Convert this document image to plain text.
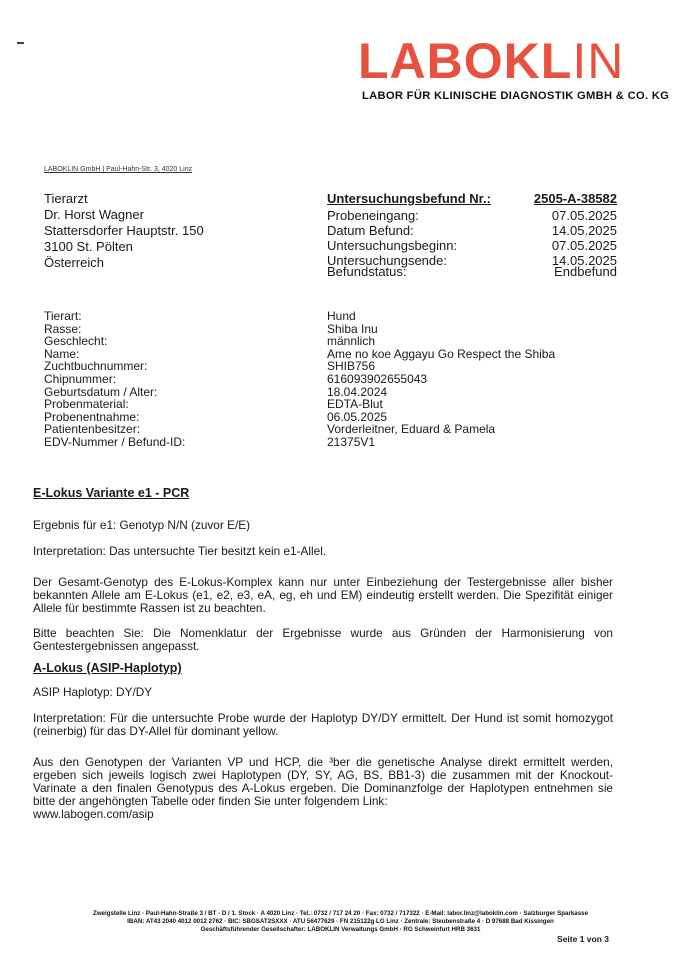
LABOKLIN
LABOR FÜR KLINISCHE DIAGNOSTIK GMBH & CO. KG
LABOKLIN GmbH | Paul-Hahn-Str. 3, 4020 Linz
Tierarzt
Dr. Horst Wagner
Stattersdorfer Hauptstr. 150
3100 St. Pölten
Österreich
Untersuchungsbefund Nr.:	2505-A-38582
Probeneingang:	07.05.2025
Datum Befund:	14.05.2025
Untersuchungsbeginn:	07.05.2025
Untersuchungsende:	14.05.2025
Befundstatus:	Endbefund
Tierart:	Hund
Rasse:	Shiba Inu
Geschlecht:	männlich
Name:	Ame no koe Aggayu Go Respect the Shiba
Zuchtbuchnummer:	SHIB756
Chipnummer:	616093902655043
Geburtsdatum / Alter:	18.04.2024
Probenmaterial:	EDTA-Blut
Probenentnahme:	06.05.2025
Patientenbesitzer:	Vorderleitner, Eduard & Pamela
EDV-Nummer / Befund-ID:	21375V1
E-Lokus Variante e1 - PCR
Ergebnis für e1: Genotyp N/N (zuvor E/E)
Interpretation: Das untersuchte Tier besitzt kein e1-Allel.
Der Gesamt-Genotyp des E-Lokus-Komplex kann nur unter Einbeziehung der Testergebnisse aller bisher bekannten Allele am E-Lokus (e1, e2, e3, eA, eg, eh und EM) eindeutig erstellt werden. Die Spezifität einiger Allele für bestimmte Rassen ist zu beachten.
Bitte beachten Sie: Die Nomenklatur der Ergebnisse wurde aus Gründen der Harmonisierung von Gentestergebnissen angepasst.
A-Lokus (ASIP-Haplotyp)
ASIP Haplotyp: DY/DY
Interpretation: Für die untersuchte Probe wurde der Haplotyp DY/DY ermittelt. Der Hund ist somit homozygot (reinerbig) für das DY-Allel für dominant yellow.
Aus den Genotypen der Varianten VP und HCP, die ³ber die genetische Analyse direkt ermittelt werden, ergeben sich jeweils logisch zwei Haplotypen (DY, SY, AG, BS, BB1-3) die zusammen mit der Knockout- Varinate a den finalen Genotypus des A-Lokus ergeben. Die Dominanzfolge der Haplotypen entnehmen sie bitte der angehöngten Tabelle oder finden Sie unter folgendem Link:
www.labogen.com/asip
Zweigstelle Linz · Paul-Hahn-Straße 3 / BT - D / 1. Stock · A 4020 Linz · Tel.: 0732 / 717 24 20 · Fax: 0732 / 717322 · E-Mail: labor.linz@laboklin.com · Salzburger Sparkasse
IBAN: AT43 2040 4012 0012 2762 · BIC: SBGSAT2SXXX · ATU 56477629 · FN 215122g LG Linz · Zentrale: Steubenstraße 4 · D 97688 Bad Kissingen
Geschäftsführender Gesellschafter: LABOKLIN Verwaltungs GmbH · RG Schweinfurt HRB 3631
Seite 1 von 3
